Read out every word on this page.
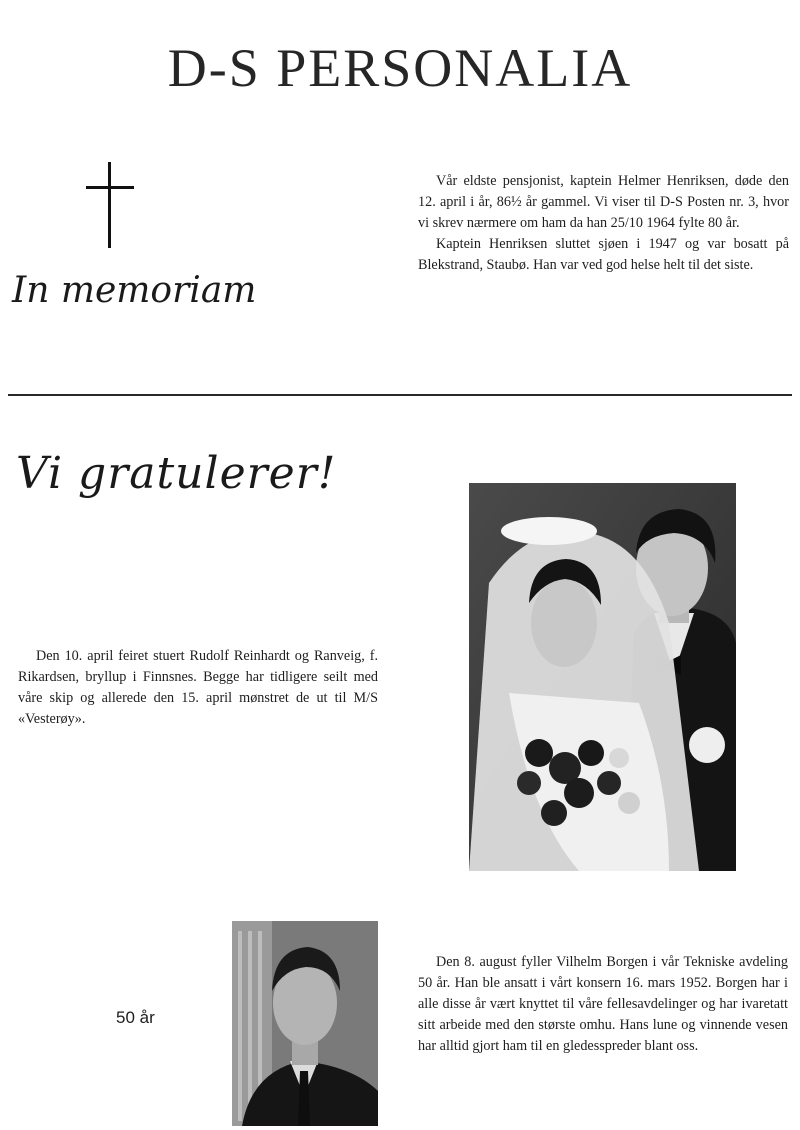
D-S PERSONALIA
In memoriam

Vår eldste pensjonist, kaptein Helmer Henriksen, døde den 12. april i år, 86½ år gammel. Vi viser til D-S Posten nr. 3, hvor vi skrev nærmere om ham da han 25/10 1964 fylte 80 år.

Kaptein Henriksen sluttet sjøen i 1947 og var bosatt på Blekstrand, Staubø. Han var ved god helse helt til det siste.

Vi gratulerer!

Den 10. april feiret stuert Rudolf Reinhardt og Ranveig, f. Rikardsen, bryllup i Finnsnes. Begge har tidligere seilt med våre skip og allerede den 15. april mønstret de ut til M/S «Vesterøy».

50 år

Den 8. august fyller Vilhelm Borgen i vår Tekniske avdeling 50 år. Han ble ansatt i vårt konsern 16. mars 1952. Borgen har i alle disse år vært knyttet til våre fellesavdelinger og har ivaretatt sitt arbeide med den største omhu. Hans lune og vinnende vesen har alltid gjort ham til en gledesspreder blant oss.
